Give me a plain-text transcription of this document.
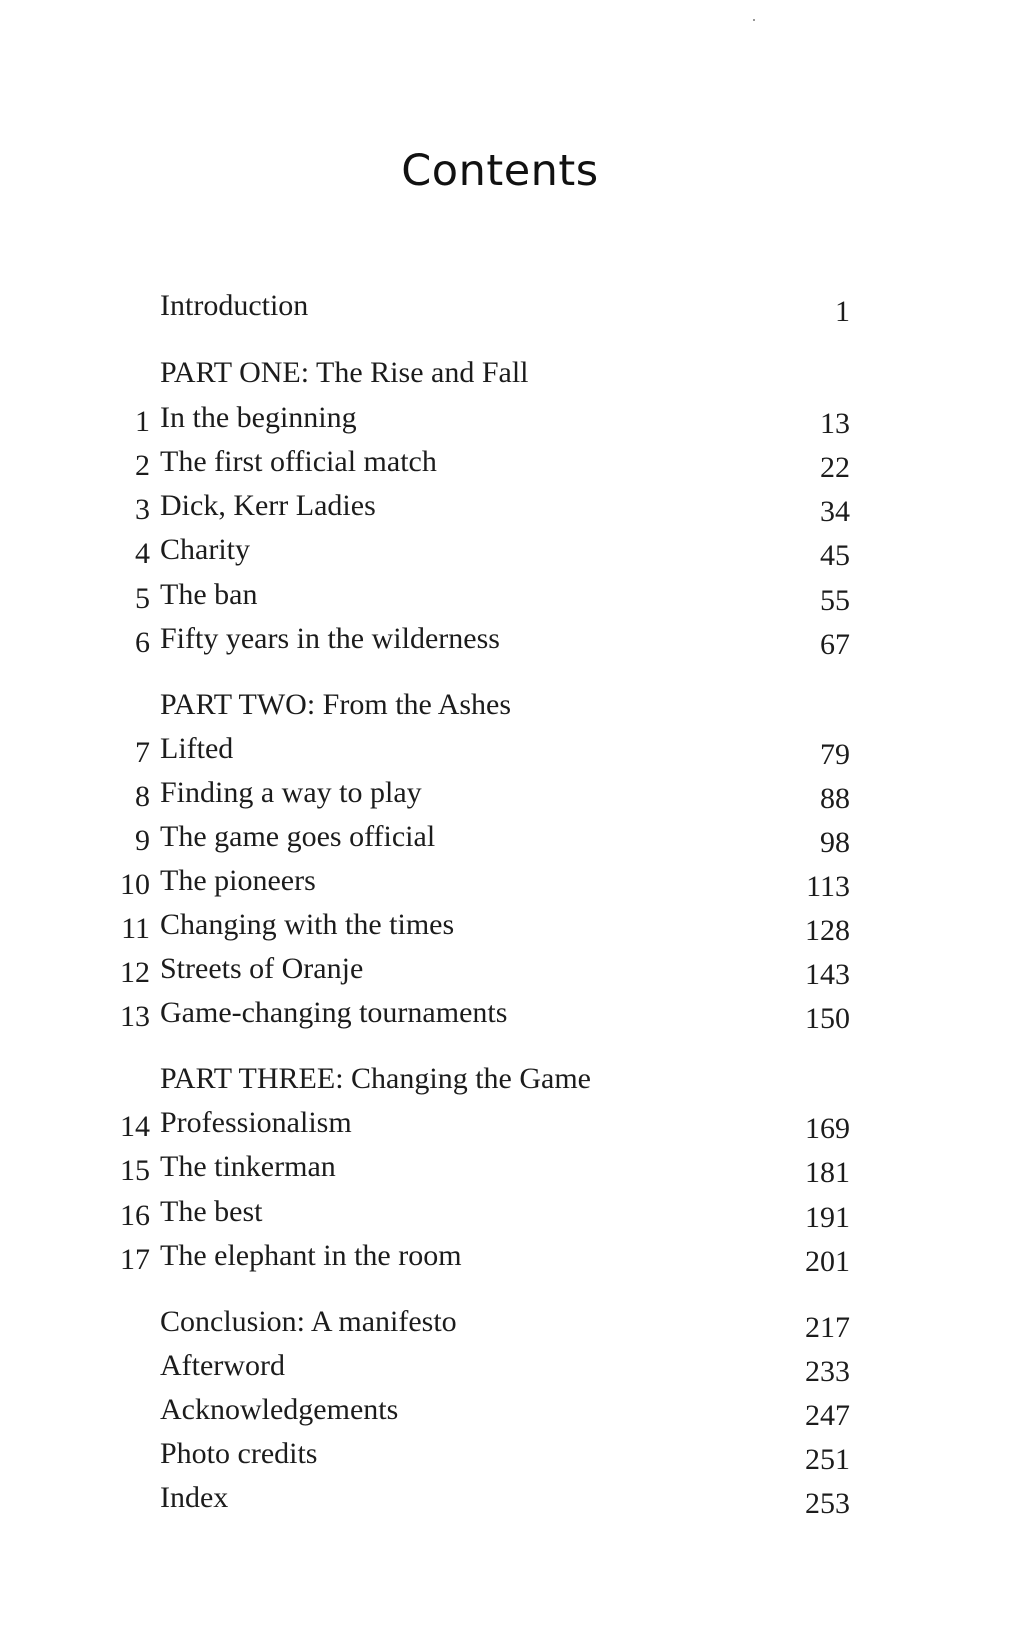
Contents
Introduction	1
PART ONE: The Rise and Fall
1 In the beginning	13
2 The first official match	22
3 Dick, Kerr Ladies	34
4 Charity	45
5 The ban	55
6 Fifty years in the wilderness	67
PART TWO: From the Ashes
7 Lifted	79
8 Finding a way to play	88
9 The game goes official	98
10 The pioneers	113
11 Changing with the times	128
12 Streets of Oranje	143
13 Game-changing tournaments	150
PART THREE: Changing the Game
14 Professionalism	169
15 The tinkerman	181
16 The best	191
17 The elephant in the room	201
Conclusion: A manifesto	217
Afterword	233
Acknowledgements	247
Photo credits	251
Index	253
